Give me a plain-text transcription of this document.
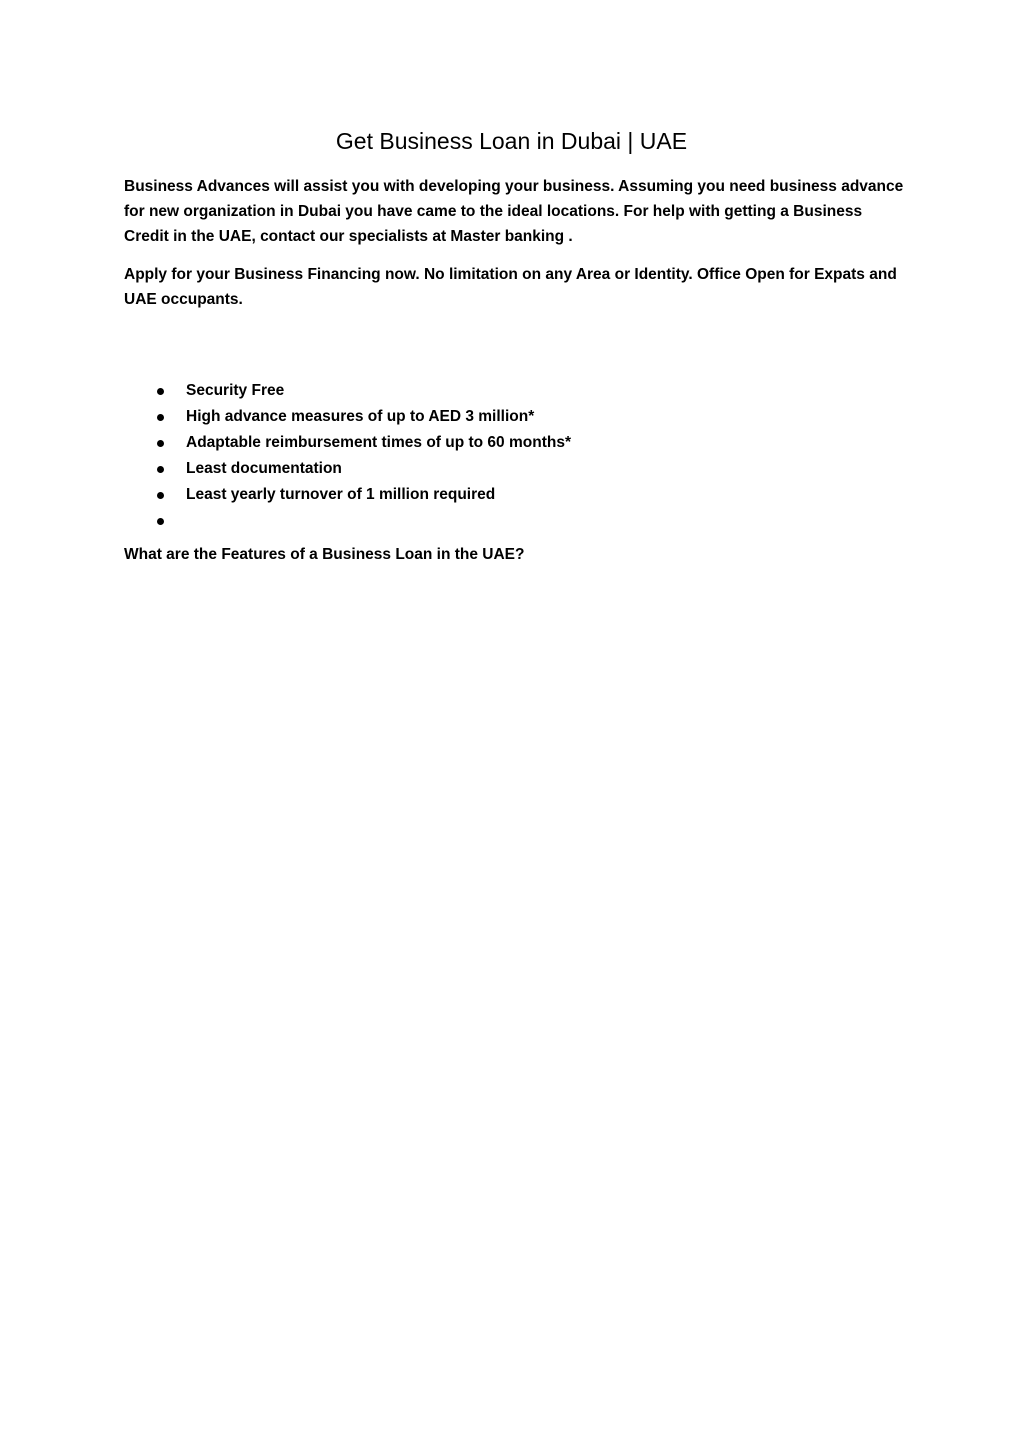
Get Business Loan in Dubai | UAE

Business Advances will assist you with developing your business. Assuming you need business advance for new organization in Dubai you have came to the ideal locations. For help with getting a Business Credit in the UAE, contact our specialists at Master banking .

Apply for your Business Financing now. No limitation on any Area or Identity. Office Open for Expats and UAE occupants.

Security Free
High advance measures of up to AED 3 million*
Adaptable reimbursement times of up to 60 months*
Least documentation
Least yearly turnover of 1 million required

What are the Features of a Business Loan in the UAE?
